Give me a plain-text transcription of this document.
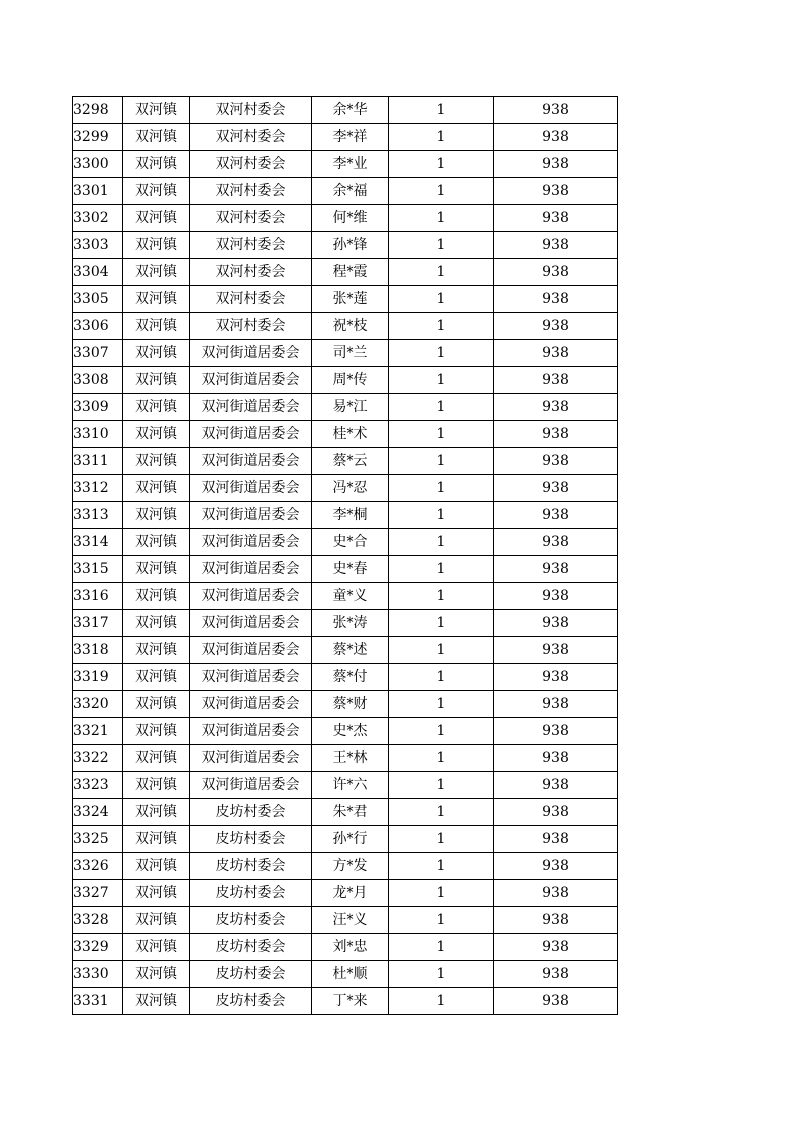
3298	双河镇	双河村委会	余*华	1	938
3299	双河镇	双河村委会	李*祥	1	938
3300	双河镇	双河村委会	李*业	1	938
3301	双河镇	双河村委会	余*福	1	938
3302	双河镇	双河村委会	何*维	1	938
3303	双河镇	双河村委会	孙*锋	1	938
3304	双河镇	双河村委会	程*霞	1	938
3305	双河镇	双河村委会	张*莲	1	938
3306	双河镇	双河村委会	祝*枝	1	938
3307	双河镇	双河街道居委会	司*兰	1	938
3308	双河镇	双河街道居委会	周*传	1	938
3309	双河镇	双河街道居委会	易*江	1	938
3310	双河镇	双河街道居委会	桂*术	1	938
3311	双河镇	双河街道居委会	蔡*云	1	938
3312	双河镇	双河街道居委会	冯*忍	1	938
3313	双河镇	双河街道居委会	李*桐	1	938
3314	双河镇	双河街道居委会	史*合	1	938
3315	双河镇	双河街道居委会	史*春	1	938
3316	双河镇	双河街道居委会	童*义	1	938
3317	双河镇	双河街道居委会	张*涛	1	938
3318	双河镇	双河街道居委会	蔡*述	1	938
3319	双河镇	双河街道居委会	蔡*付	1	938
3320	双河镇	双河街道居委会	蔡*财	1	938
3321	双河镇	双河街道居委会	史*杰	1	938
3322	双河镇	双河街道居委会	王*林	1	938
3323	双河镇	双河街道居委会	许*六	1	938
3324	双河镇	皮坊村委会	朱*君	1	938
3325	双河镇	皮坊村委会	孙*行	1	938
3326	双河镇	皮坊村委会	方*发	1	938
3327	双河镇	皮坊村委会	龙*月	1	938
3328	双河镇	皮坊村委会	汪*义	1	938
3329	双河镇	皮坊村委会	刘*忠	1	938
3330	双河镇	皮坊村委会	杜*顺	1	938
3331	双河镇	皮坊村委会	丁*来	1	938
